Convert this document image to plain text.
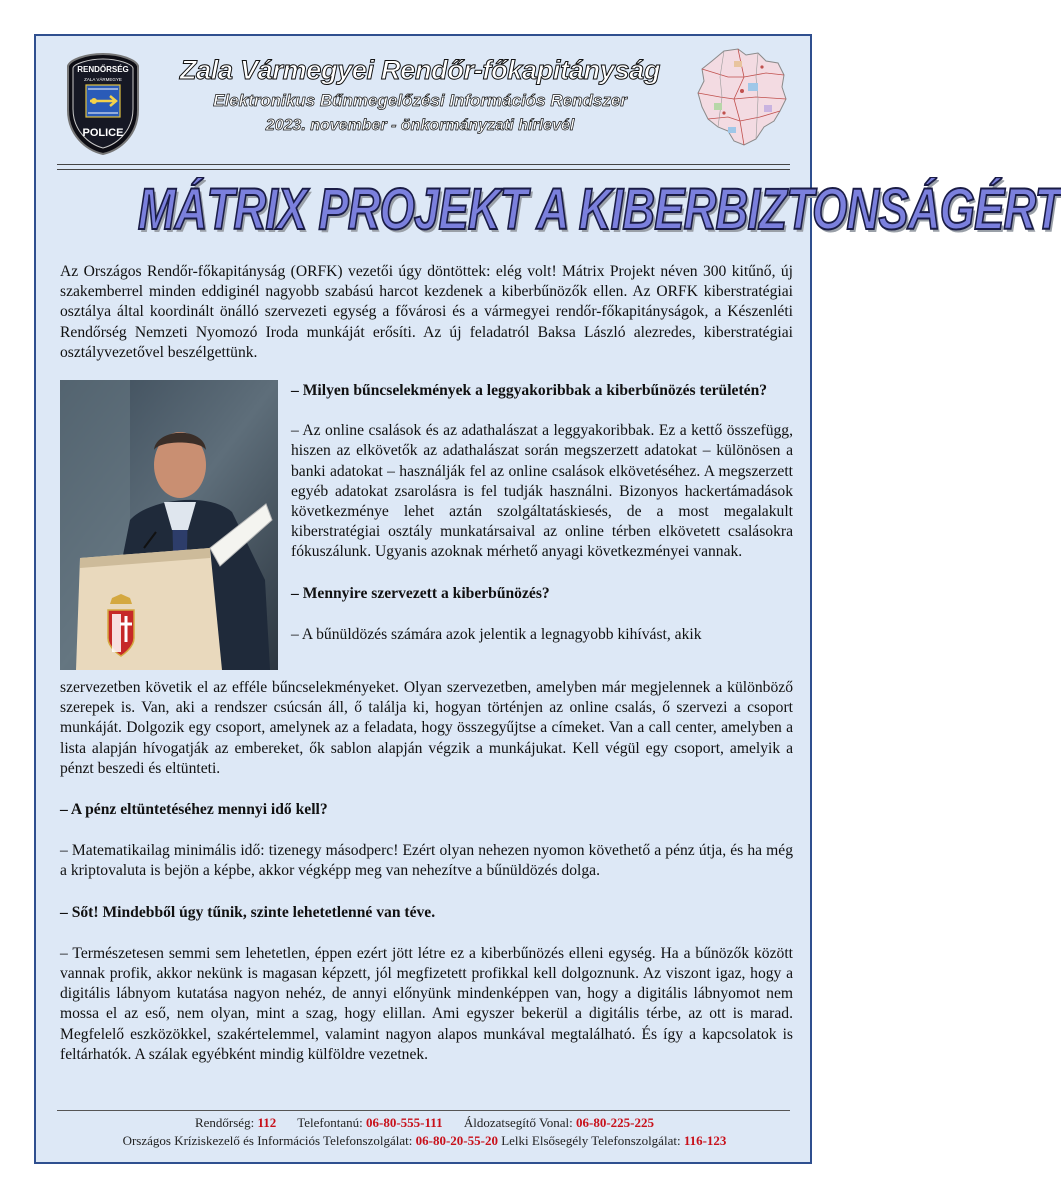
RENDŐRSÉG
ZALA VÁRMEGYE
POLICE
Zala Vármegyei Rendőr-főkapitányság
Elektronikus Bűnmegelőzési Információs Rendszer
2023. november - önkormányzati hírlevél
MÁTRIX PROJEKT A KIBERBIZTONSÁGÉRT

Az Országos Rendőr-főkapitányság (ORFK) vezetői úgy döntöttek: elég volt! Mátrix Projekt néven 300 kitűnő, új szakemberrel minden eddiginél nagyobb szabású harcot kezdenek a kiberbűnözők ellen. Az ORFK kiberstratégiai osztálya által koordinált önálló szervezeti egység a fővárosi és a vármegyei rendőr-főkapitányságok, a Készenléti Rendőrség Nemzeti Nyomozó Iroda munkáját erősíti. Az új feladatról Baksa László alezredes, kiberstratégiai osztályvezetővel beszélgettünk.

– Milyen bűncselekmények a leggyakoribbak a kiberbűnözés területén?

– Az online csalások és az adathalászat a leggyakoribbak. Ez a kettő összefügg, hiszen az elkövetők az adathalászat során megszerzett adatokat – különösen a banki adatokat – használják fel az online csalások elkövetéséhez. A megszerzett egyéb adatokat zsarolásra is fel tudják használni. Bizonyos hackertámadások következménye lehet aztán szolgáltatáskiesés, de a most megalakult kiberstratégiai osztály munkatársaival az online térben elkövetett csalásokra fókuszálunk. Ugyanis azoknak mérhető anyagi következményei vannak.

– Mennyire szervezett a kiberbűnözés?

– A bűnüldözés számára azok jelentik a legnagyobb kihívást, akik

szervezetben követik el az efféle bűncselekményeket. Olyan szervezetben, amelyben már megjelennek a különböző szerepek is. Van, aki a rendszer csúcsán áll, ő találja ki, hogyan történjen az online csalás, ő szervezi a csoport munkáját. Dolgozik egy csoport, amelynek az a feladata, hogy összegyűjtse a címeket. Van a call center, amelyben a lista alapján hívogatják az embereket, ők sablon alapján végzik a munkájukat. Kell végül egy csoport, amelyik a pénzt beszedi és eltünteti.

– A pénz eltüntetéséhez mennyi idő kell?

– Matematikailag minimális idő: tizenegy másodperc! Ezért olyan nehezen nyomon követhető a pénz útja, és ha még a kriptovaluta is bejön a képbe, akkor végképp meg van nehezítve a bűnüldözés dolga.

– Sőt! Mindebből úgy tűnik, szinte lehetetlenné van téve.

– Természetesen semmi sem lehetetlen, éppen ezért jött létre ez a kiberbűnözés elleni egység. Ha a bűnözők között vannak profik, akkor nekünk is magasan képzett, jól megfizetett profikkal kell dolgoznunk. Az viszont igaz, hogy a digitális lábnyom kutatása nagyon nehéz, de annyi előnyünk mindenképpen van, hogy a digitális lábnyomot nem mossa el az eső, nem olyan, mint a szag, hogy elillan. Ami egyszer bekerül a digitális térbe, az ott is marad. Megfelelő eszközökkel, szakértelemmel, valamint nagyon alapos munkával megtalálható. És így a kapcsolatok is feltárhatók. A szálak egyébként mindig külföldre vezetnek.

Rendőrség: 112 Telefontanú: 06-80-555-111 Áldozatsegítő Vonal: 06-80-225-225
Országos Kríziskezelő és Információs Telefonszolgálat: 06-80-20-55-20 Lelki Elsősegély Telefonszolgálat: 116-123
